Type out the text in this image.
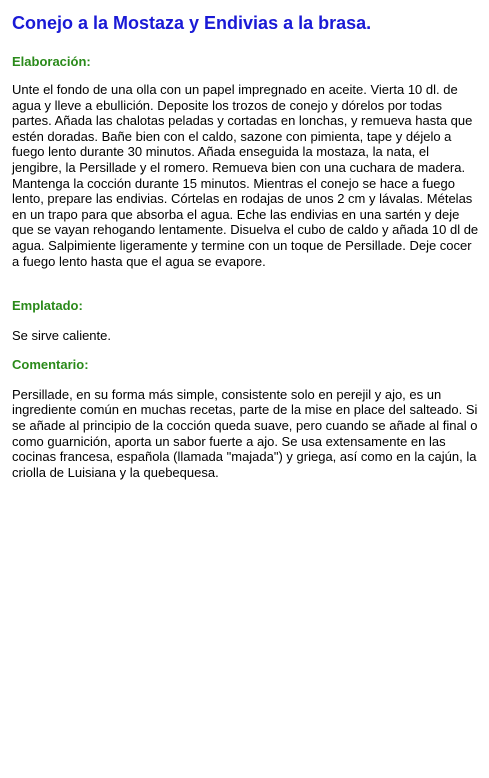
Conejo a la Mostaza y Endivias a la brasa.
Elaboración:

Unte el fondo de una olla con un papel impregnado en aceite. Vierta 10 dl. de agua y lleve a ebullición. Deposite los trozos de conejo y dórelos por todas partes. Añada las chalotas peladas y cortadas en lonchas, y remueva hasta que estén doradas. Bañe bien con el caldo, sazone con pimienta, tape y déjelo a fuego lento durante 30 minutos. Añada enseguida la mostaza, la nata, el jengibre, la Persillade y el romero. Remueva bien con una cuchara de madera. Mantenga la cocción durante 15 minutos. Mientras el conejo se hace a fuego lento, prepare las endivias. Córtelas en rodajas de unos 2 cm y lávalas. Mételas en un trapo para que absorba el agua. Eche las endivias en una sartén y deje que se vayan rehogando lentamente. Disuelva el cubo de caldo y añada 10 dl de agua. Salpimiente ligeramente y termine con un toque de Persillade. Deje cocer a fuego lento hasta que el agua se evapore.

Emplatado:

Se sirve caliente.

Comentario:

Persillade, en su forma más simple, consistente solo en perejil y ajo, es un ingrediente común en muchas recetas, parte de la mise en place del salteado. Si se añade al principio de la cocción queda suave, pero cuando se añade al final o como guarnición, aporta un sabor fuerte a ajo. Se usa extensamente en las cocinas francesa, española (llamada "majada") y griega, así como en la cajún, la criolla de Luisiana y la quebequesa.
